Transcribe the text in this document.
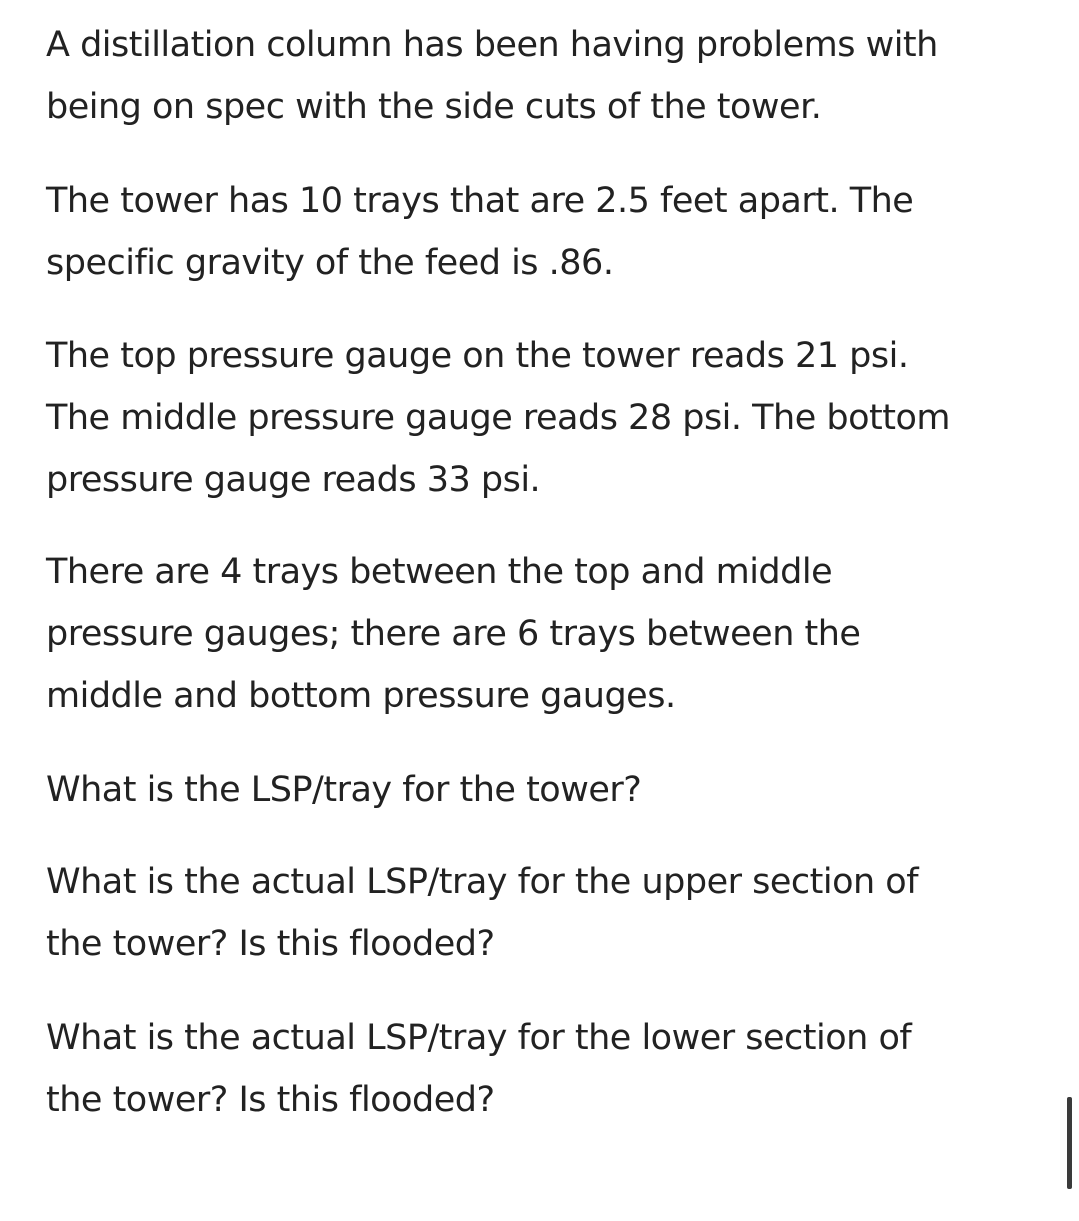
A distillation column has been having problems with
being on spec with the side cuts of the tower.

The tower has 10 trays that are 2.5 feet apart. The
specific gravity of the feed is .86.

The top pressure gauge on the tower reads 21 psi.
The middle pressure gauge reads 28 psi. The bottom
pressure gauge reads 33 psi.

There are 4 trays between the top and middle
pressure gauges; there are 6 trays between the
middle and bottom pressure gauges.

What is the LSP/tray for the tower?

What is the actual LSP/tray for the upper section of
the tower? Is this flooded?

What is the actual LSP/tray for the lower section of
the tower? Is this flooded?
